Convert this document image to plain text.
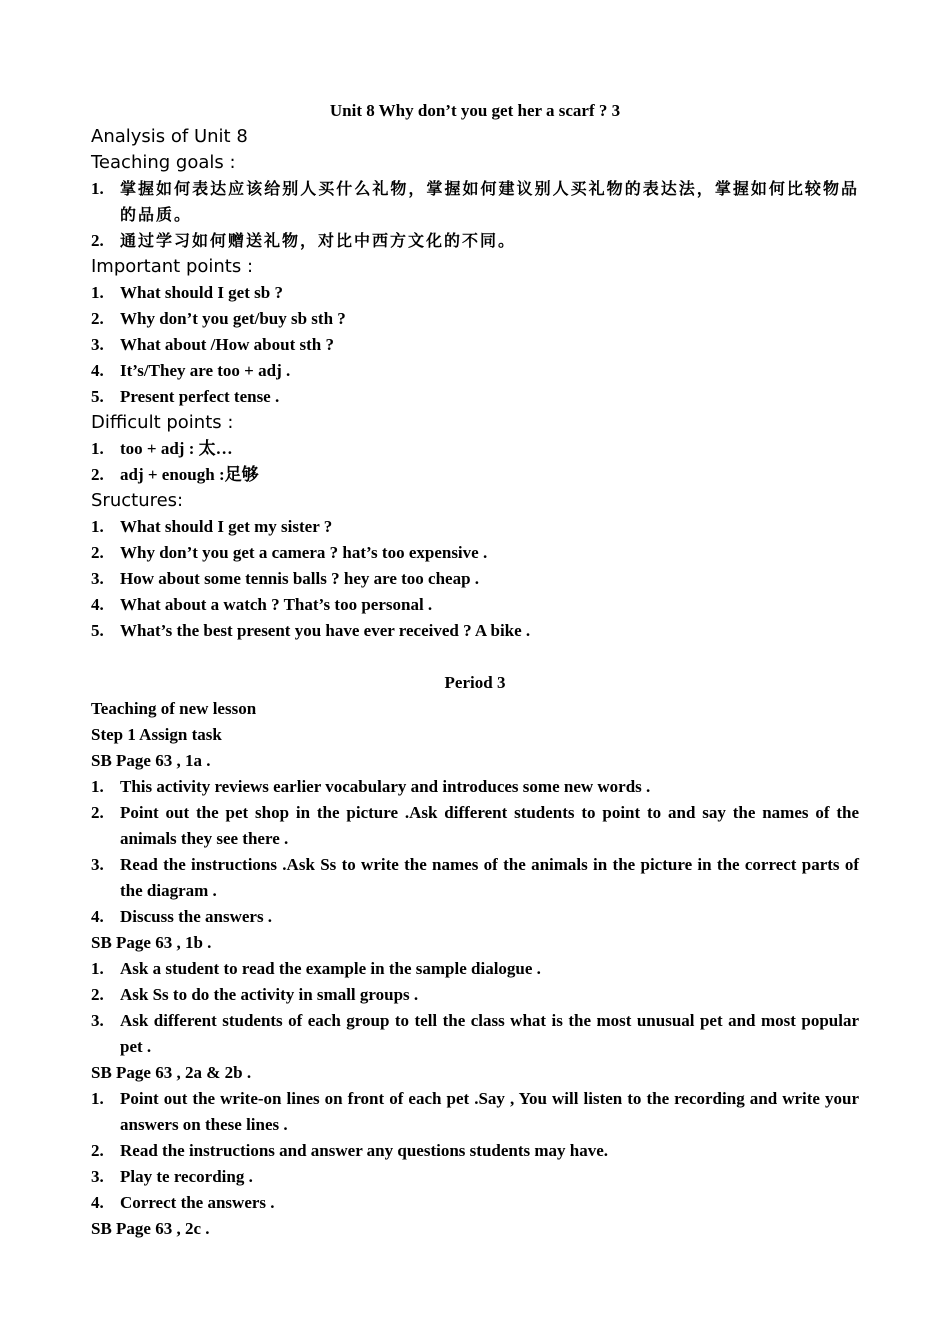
Unit 8 Why don’t you get her a scarf ? 3
Analysis of Unit 8
Teaching goals :
1.	掌握如何表达应该给别人买什么礼物，掌握如何建议别人买礼物的表达法，掌握如何比较物品的品质。
2.	通过学习如何赠送礼物，对比中西方文化的不同。
Important points :
1. What should I get sb ?
2. Why don’t you get/buy sb sth ?
3. What about /How about sth ?
4. It’s/They are too + adj .
5. Present perfect tense .
Difficult points :
1. too + adj : 太…
2. adj + enough :足够
Sructures:
1. What should I get my sister ?
2. Why don’t you get a camera ? hat’s too expensive .
3. How about some tennis balls ? hey are too cheap .
4. What about a watch ? That’s too personal .
5. What’s the best present you have ever received ? A bike .
Period 3
Teaching of new lesson
Step 1 Assign task
SB Page 63 , 1a .
1. This activity reviews earlier vocabulary and introduces some new words .
2. Point out the pet shop in the picture .Ask different students to point to and say the names of the animals they see there .
3. Read the instructions .Ask Ss to write the names of the animals in the picture in the correct parts of the diagram .
4. Discuss the answers .
SB Page 63 , 1b .
1. Ask a student to read the example in the sample dialogue .
2. Ask Ss to do the activity in small groups .
3. Ask different students of each group to tell the class what is the most unusual pet and most popular pet .
SB Page 63 , 2a & 2b .
1. Point out the write-on lines on front of each pet .Say , You will listen to the recording and write your answers on these lines .
2. Read the instructions and answer any questions students may have.
3. Play te recording .
4. Correct the answers .
SB Page 63 , 2c .
